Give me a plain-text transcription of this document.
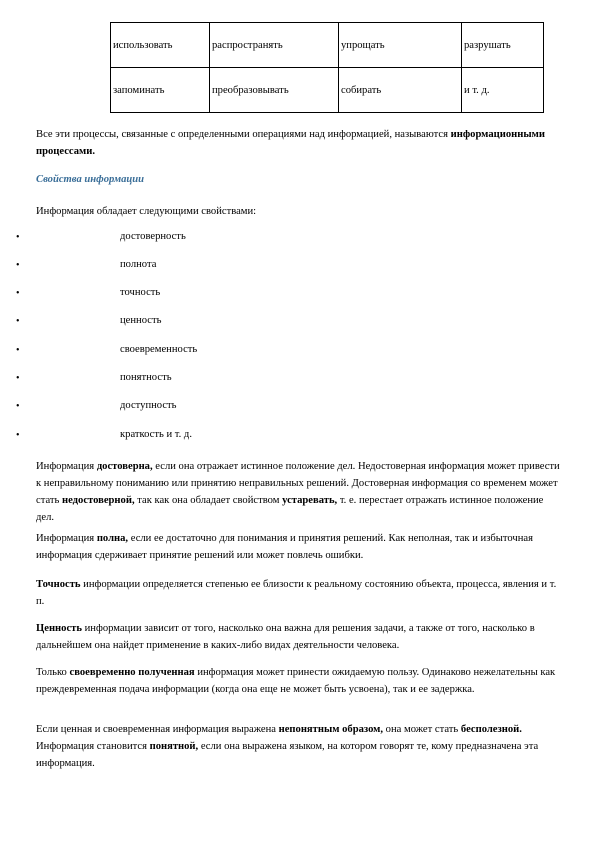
использовать	распространять	упрощать	разрушать
запоминать	преобразовывать	собирать	и т. д.
Все эти процессы, связанные с определенными операциями над информацией, называются информационными процессами.
Свойства информации
Информация обладает следующими свойствами:
•	достоверность
•	полнота
•	точность
•	ценность
•	своевременность
•	понятность
•	доступность
•	краткость и т. д.
Информация достоверна, если она отражает истинное положение дел. Недостоверная информация может привести к неправильному пониманию или принятию неправильных решений. Достоверная информация со временем может стать недостоверной, так как она обладает свойством устаревать, т. е. перестает отражать истинное положение дел.
Информация полна, если ее достаточно для понимания и принятия решений. Как неполная, так и избыточная информация сдерживает принятие решений или может повлечь ошибки.
Точность информации определяется степенью ее близости к реальному состоянию объекта, процесса, явления и т. п.
Ценность информации зависит от того, насколько она важна для решения задачи, а также от того, насколько в дальнейшем она найдет применение в каких-либо видах деятельности человека.
Только своевременно полученная информация может принести ожидаемую пользу. Одинаково нежелательны как преждевременная подача информации (когда она еще не может быть усвоена), так и ее задержка.
Если ценная и своевременная информация выражена непонятным образом, она может стать бесполезной. Информация становится понятной, если она выражена языком, на котором говорят те, кому предназначена эта информация.
